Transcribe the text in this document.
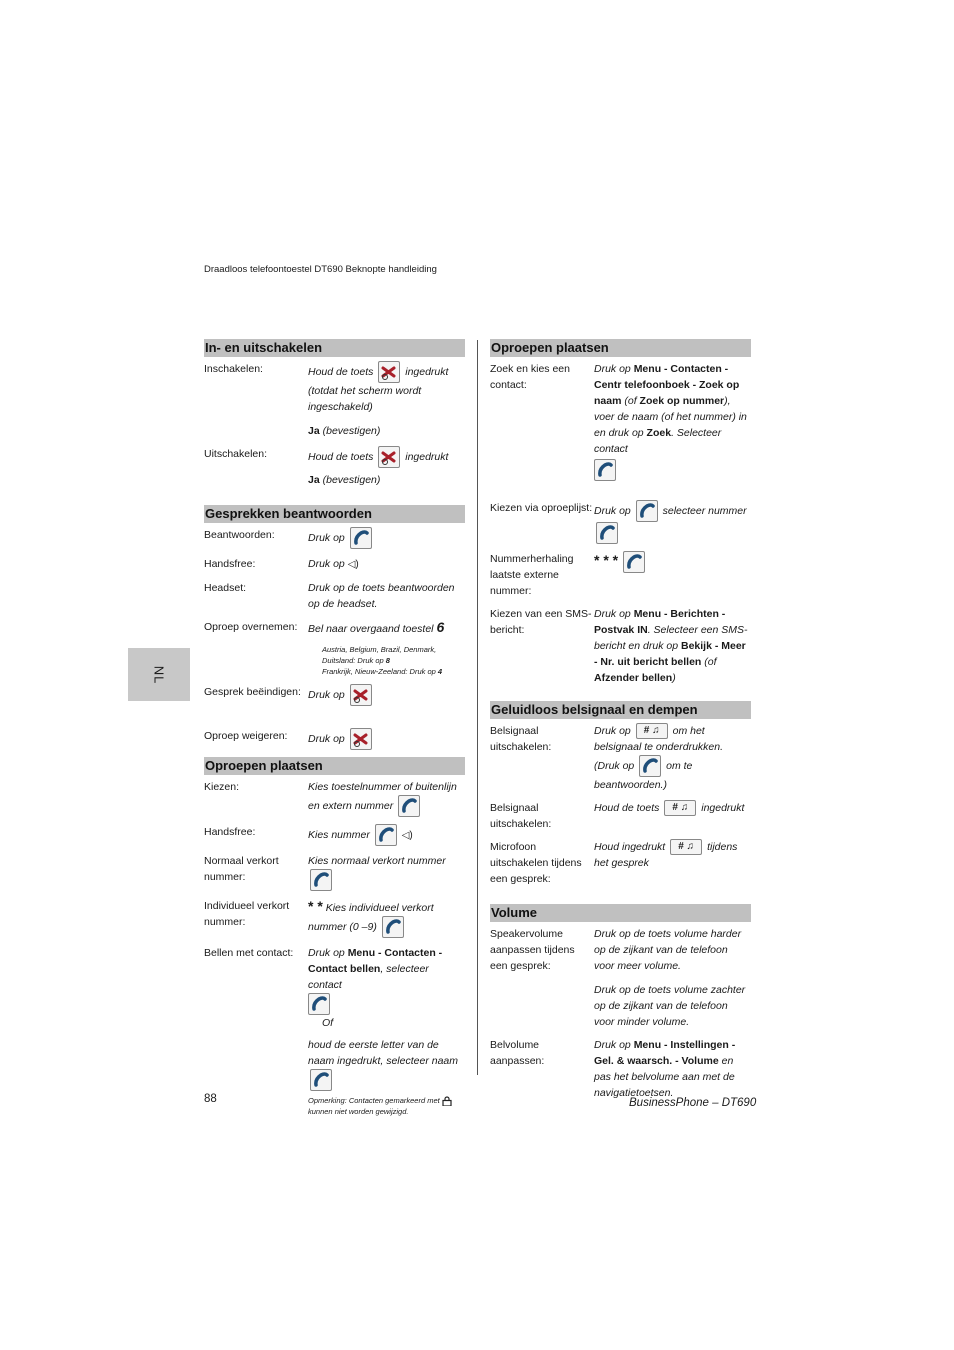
Draadloos telefoontoestel DT690 Beknopte handleiding
NL
In- en uitschakelen
Inschakelen:	Houd de toets	ingedrukt (totdat het scherm wordt ingeschakeld)
Ja (bevestigen)
Uitschakelen:	Houd de toets	ingedrukt
Ja (bevestigen)
Gesprekken beantwoorden
Beantwoorden:	Druk op
Handsfree:	Druk op ◁)
Headset:	Druk op de toets beantwoorden op de headset.
Oproep overnemen:	Bel naar overgaand toestel 6
Austria, Belgium, Brazil, Denmark,
Duitsland: Druk op 8
Frankrijk, Nieuw-Zeeland: Druk op 4
Gesprek beëindigen: Druk op
Oproep weigeren:	Druk op
Oproepen plaatsen
Kiezen:	Kies toestelnummer of buitenlijn en extern nummer
Handsfree:	Kies nummer	◁)
Normaal verkort nummer:
Kies normaal verkort nummer
Individueel verkort nummer:
* * Kies individueel verkort nummer (0 –9)
Bellen met contact:	Druk op Menu - Contacten - Contact bellen, selecteer contact
Of
houd de eerste letter van de naam ingedrukt, selecteer naam
Opmerking: Contacten gemarkeerd met
kunnen niet worden gewijzigd.
Oproepen plaatsen
Zoek en kies een contact:
Druk op Menu - Contacten - Centr telefoonboek - Zoek op naam (of Zoek op nummer), voer de naam (of het nummer) in en druk op Zoek. Selecteer contact
Kiezen via oproeplijst: Druk op	selecteer nummer
Nummerherhaling laatste externe nummer:
* * *
Kiezen van een SMS-bericht:
Druk op Menu - Berichten - Postvak IN. Selecteer een SMS-bericht en druk op Bekijk - Meer - Nr. uit bericht bellen (of Afzender bellen)
Geluidloos belsignaal en dempen
Belsignaal uitschakelen:
Druk op # ♫ om het belsignaal te onderdrukken. (Druk op	om te beantwoorden.)
Belsignaal uitschakelen:
Houd de toets # ♫ ingedrukt
Microfoon uitschakelen tijdens een gesprek:
Houd ingedrukt # ♫ tijdens het gesprek
Volume
Speakervolume aanpassen tijdens een gesprek:
Druk op de toets volume harder op de zijkant van de telefoon voor meer volume.
Druk op de toets volume zachter op de zijkant van de telefoon voor minder volume.
Belvolume aanpassen:
Druk op Menu - Instellingen - Gel. & waarsch. - Volume en pas het belvolume aan met de navigatietoetsen.
88	BusinessPhone – DT690
